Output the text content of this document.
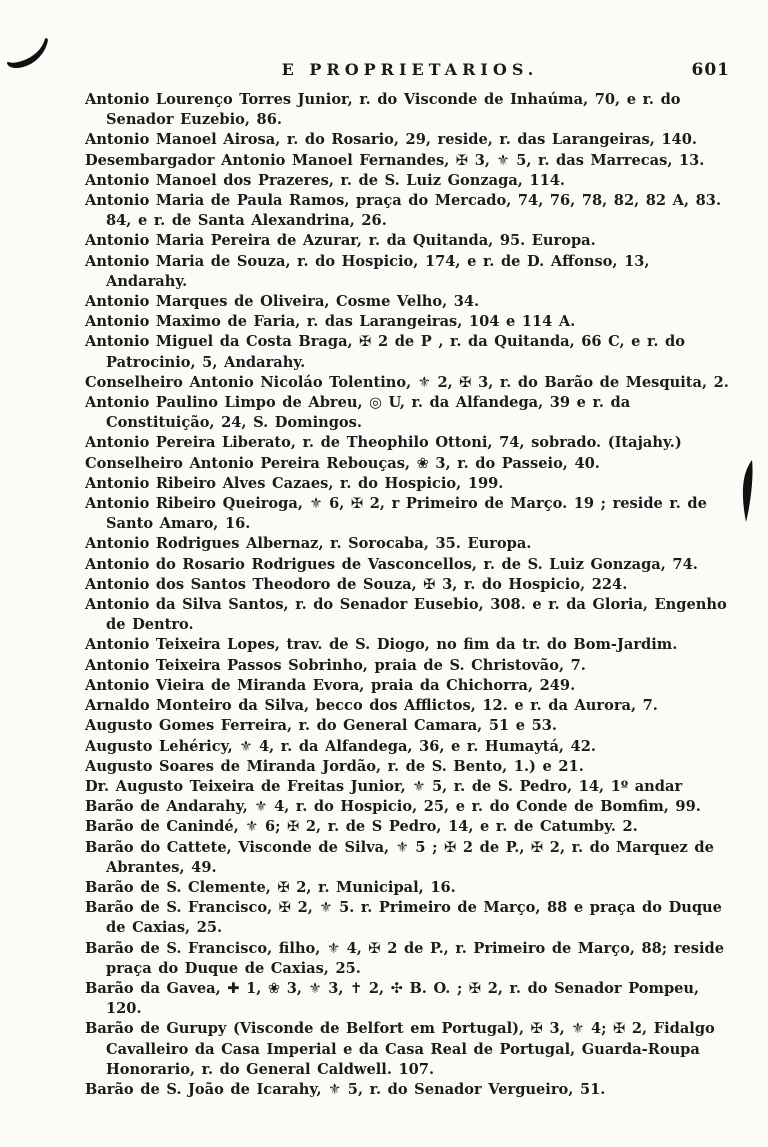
E PROPRIETARIOS.	601

Antonio Lourenço Torres Junior, r. do Visconde de Inhaúma, 70, e r. do Senador Euzebio, 86.

Antonio Manoel Airosa, r. do Rosario, 29, reside, r. das Larangeiras, 140.

Desembargador Antonio Manoel Fernandes, ✠ 3, ⚜ 5, r. das Marrecas, 13.

Antonio Manoel dos Prazeres, r. de S. Luiz Gonzaga, 114.

Antonio Maria de Paula Ramos, praça do Mercado, 74, 76, 78, 82, 82 A, 83. 84, e r. de Santa Alexandrina, 26.

Antonio Maria Pereira de Azurar, r. da Quitanda, 95. Europa.

Antonio Maria de Souza, r. do Hospicio, 174, e r. de D. Affonso, 13, Andarahy.

Antonio Marques de Oliveira, Cosme Velho, 34.

Antonio Maximo de Faria, r. das Larangeiras, 104 e 114 A.

Antonio Miguel da Costa Braga, ✠ 2 de P , r. da Quitanda, 66 C, e r. do Patrocinio, 5, Andarahy.

Conselheiro Antonio Nicoláo Tolentino, ⚜ 2, ✠ 3, r. do Barão de Mesquita, 2.

Antonio Paulino Limpo de Abreu, ◎ U, r. da Alfandega, 39 e r. da Constituição, 24, S. Domingos.

Antonio Pereira Liberato, r. de Theophilo Ottoni, 74, sobrado. (Itajahy.)

Conselheiro Antonio Pereira Rebouças, ❀ 3, r. do Passeio, 40.

Antonio Ribeiro Alves Cazaes, r. do Hospicio, 199.

Antonio Ribeiro Queiroga, ⚜ 6, ✠ 2, r Primeiro de Março. 19 ; reside r. de Santo Amaro, 16.

Antonio Rodrigues Albernaz, r. Sorocaba, 35. Europa.

Antonio do Rosario Rodrigues de Vasconcellos, r. de S. Luiz Gonzaga, 74.

Antonio dos Santos Theodoro de Souza, ✠ 3, r. do Hospicio, 224.

Antonio da Silva Santos, r. do Senador Eusebio, 308. e r. da Gloria, Engenho de Dentro.

Antonio Teixeira Lopes, trav. de S. Diogo, no fim da tr. do Bom-Jardim.

Antonio Teixeira Passos Sobrinho, praia de S. Christovão, 7.

Antonio Vieira de Miranda Evora, praia da Chichorra, 249.

Arnaldo Monteiro da Silva, becco dos Afflictos, 12. e r. da Aurora, 7.

Augusto Gomes Ferreira, r. do General Camara, 51 e 53.

Augusto Lehéricy, ⚜ 4, r. da Alfandega, 36, e r. Humaytá, 42.

Augusto Soares de Miranda Jordão, r. de S. Bento, 1.) e 21.

Dr. Augusto Teixeira de Freitas Junior, ⚜ 5, r. de S. Pedro, 14, 1º andar

Barão de Andarahy, ⚜ 4, r. do Hospicio, 25, e r. do Conde de Bomfim, 99.

Barão de Canindé, ⚜ 6; ✠ 2, r. de S Pedro, 14, e r. de Catumby. 2.

Barão do Cattete, Visconde de Silva, ⚜ 5 ; ✠ 2 de P., ✠ 2, r. do Marquez de Abrantes, 49.

Barão de S. Clemente, ✠ 2, r. Municipal, 16.

Barão de S. Francisco, ✠ 2, ⚜ 5. r. Primeiro de Março, 88 e praça do Duque de Caxias, 25.

Barão de S. Francisco, filho, ⚜ 4, ✠ 2 de P., r. Primeiro de Março, 88; reside praça do Duque de Caxias, 25.

Barão da Gavea, ✚ 1, ❀ 3, ⚜ 3, ✝ 2, ✣ B. O. ; ✠ 2, r. do Senador Pompeu, 120.

Barão de Gurupy (Visconde de Belfort em Portugal), ✠ 3, ⚜ 4; ✠ 2, Fidalgo Cavalleiro da Casa Imperial e da Casa Real de Portugal, Guarda-Roupa Honorario, r. do General Caldwell. 107.

Barão de S. João de Icarahy, ⚜ 5, r. do Senador Vergueiro, 51.
